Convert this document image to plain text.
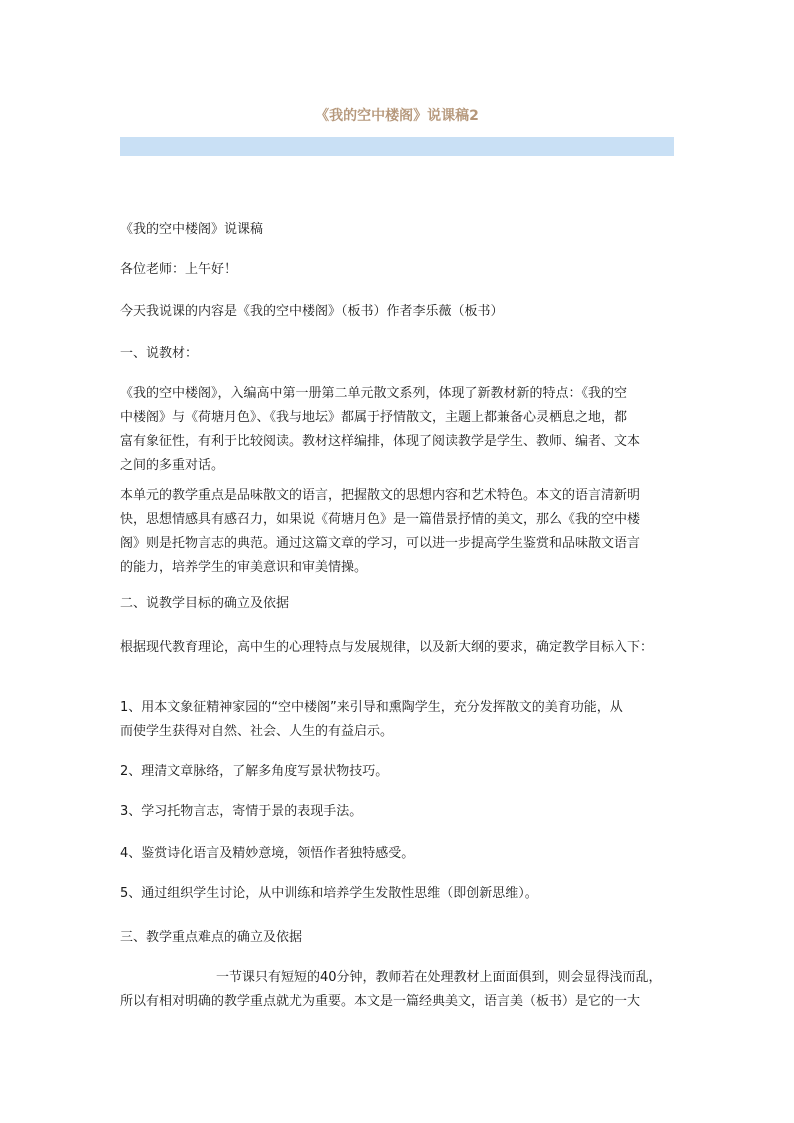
《我的空中楼阁》说课稿2

《我的空中楼阁》说课稿

各位老师：上午好！

今天我说课的内容是《我的空中楼阁》（板书）作者李乐薇（板书）

一、说教材：

《我的空中楼阁》，入编高中第一册第二单元散文系列，体现了新教材新的特点：《我的空
中楼阁》与《荷塘月色》、《我与地坛》都属于抒情散文，主题上都兼备心灵栖息之地，都
富有象征性，有利于比较阅读。教材这样编排，体现了阅读教学是学生、教师、编者、文本
之间的多重对话。

本单元的教学重点是品味散文的语言，把握散文的思想内容和艺术特色。本文的语言清新明
快，思想情感具有感召力，如果说《荷塘月色》是一篇借景抒情的美文，那么《我的空中楼
阁》则是托物言志的典范。通过这篇文章的学习，可以进一步提高学生鉴赏和品味散文语言
的能力，培养学生的审美意识和审美情操。

二、说教学目标的确立及依据

根据现代教育理论，高中生的心理特点与发展规律，以及新大纲的要求，确定教学目标入下：

1、用本文象征精神家园的“空中楼阁”来引导和熏陶学生，充分发挥散文的美育功能，从
而使学生获得对自然、社会、人生的有益启示。

2、理清文章脉络，了解多角度写景状物技巧。

3、学习托物言志，寄情于景的表现手法。

4、鉴赏诗化语言及精妙意境，领悟作者独特感受。

5、通过组织学生讨论，从中训练和培养学生发散性思维（即创新思维）。

三、教学重点难点的确立及依据

一节课只有短短的40分钟，教师若在处理教材上面面俱到，则会显得浅而乱，
所以有相对明确的教学重点就尤为重要。本文是一篇经典美文，语言美（板书）是它的一大
